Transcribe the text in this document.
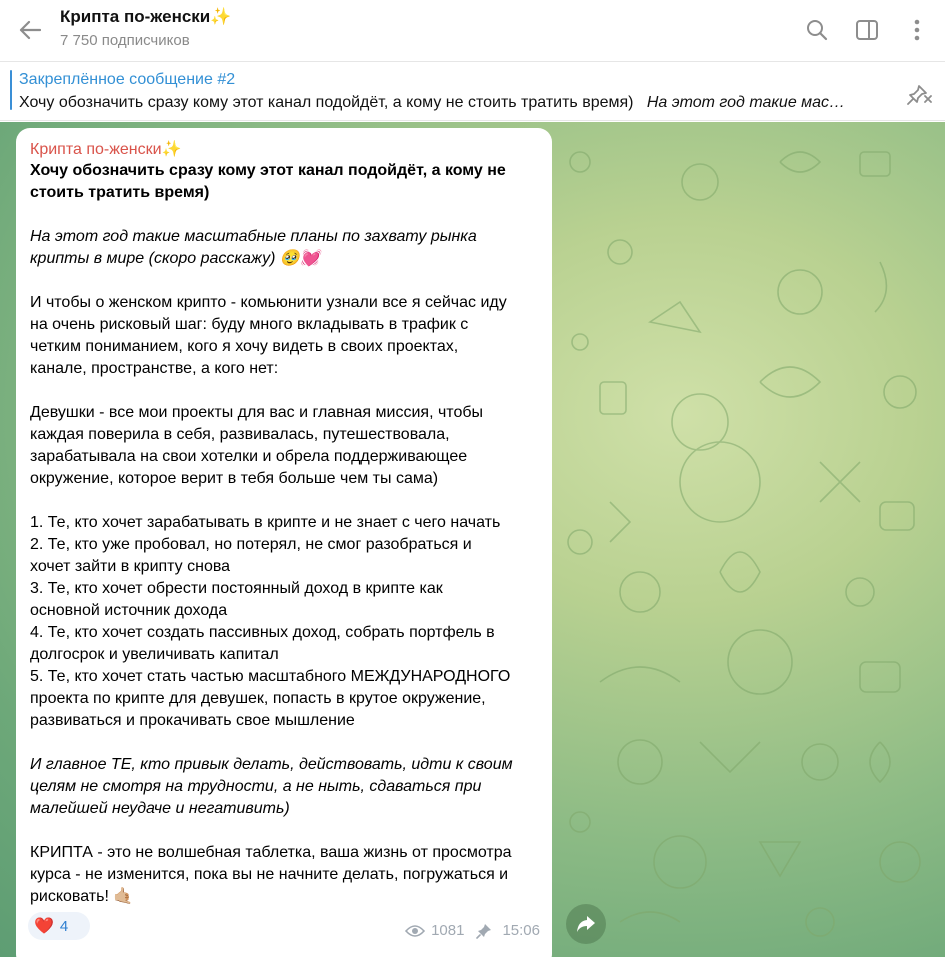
Крипта по-женски✨
7 750 подписчиков
Закреплённое сообщение #2
Хочу обозначить сразу кому этот канал подойдёт, а кому не стоить тратить время) На этот год такие мас…
Крипта по-женски✨
Хочу обозначить сразу кому этот канал подойдёт, а кому не
стоить тратить время)
На этот год такие масштабные планы по захвату рынка
крипты в мире (скоро расскажу) 🥹💓
И чтобы о женском крипто - комьюнити узнали все я сейчас иду
на очень рисковый шаг: буду много вкладывать в трафик с
четким пониманием, кого я хочу видеть в своих проектах,
канале, пространстве, а кого нет:
Девушки - все мои проекты для вас и главная миссия, чтобы
каждая поверила в себя, развивалась, путешествовала,
зарабатывала на свои хотелки и обрела поддерживающее
окружение, которое верит в тебя больше чем ты сама)
1. Те, кто хочет зарабатывать в крипте и не знает с чего начать
2. Те, кто уже пробовал, но потерял, не смог разобраться и
хочет зайти в крипту снова
3. Те, кто хочет обрести постоянный доход в крипте как
основной источник дохода
4. Те, кто хочет создать пассивных доход, собрать портфель в
долгосрок и увеличивать капитал
5. Те, кто хочет стать частью масштабного МЕЖДУНАРОДНОГО
проекта по крипте для девушек, попасть в крутое окружение,
развиваться и прокачивать свое мышление
И главное ТЕ, кто привык делать, действовать, идти к своим
целям не смотря на трудности, а не ныть, сдаваться при
малейшей неудаче и негативить)
КРИПТА - это не волшебная таблетка, ваша жизнь от просмотра
курса - не изменится, пока вы не начните делать, погружаться и
рисковать! 🤙🏼
❤️ 4	1081	15:06
